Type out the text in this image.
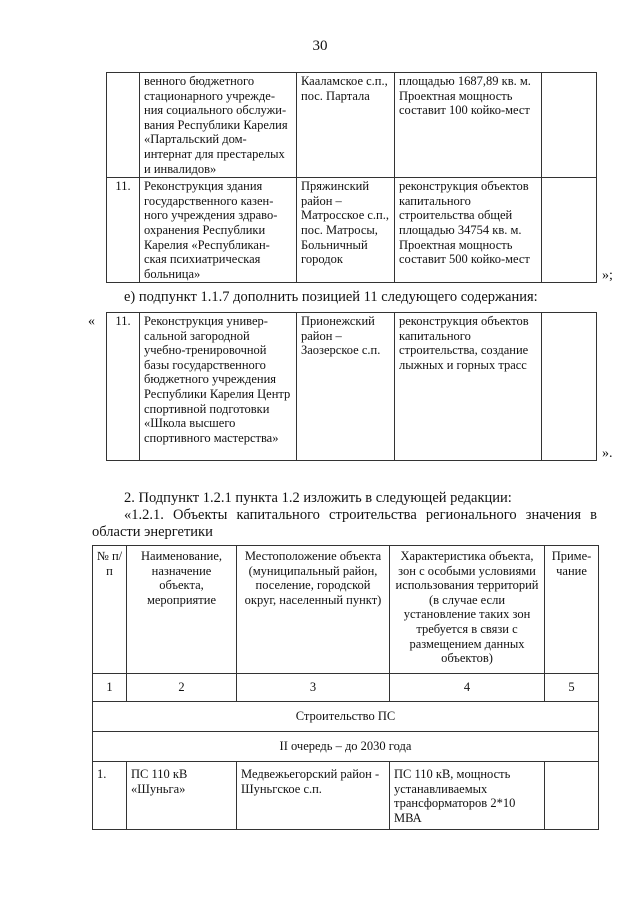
30
	венного бюджетного стационарного учрежде-ния социального обслужи-вания Республики Карелия «Партальский дом-интернат для престарелых и инвалидов»	Кааламское с.п., пос. Партала	площадью 1687,89 кв. м. Проектная мощность составит 100 койко-мест	
11.	Реконструкция здания государственного казен-ного учреждения здраво-охранения Республики Карелия «Республикан-ская психиатрическая больница»	Пряжинский район – Матросское с.п., пос. Матросы, Больничный городок	реконструкция объектов капитального строительства общей площадью 34754 кв. м. Проектная мощность составит 500 койко-мест	
»;
е) подпункт 1.1.7 дополнить позицией 11 следующего содержания:
« 11.	Реконструкция универ-сальной загородной учебно-тренировочной базы государственного бюджетного учреждения Республики Карелия Центр спортивной подготовки «Школа высшего спортивного мастерства»	Прионежский район – Заозерское с.п.	реконструкция объектов капитального строительства, создание лыжных и горных трасс	
».
2. Подпункт 1.2.1 пункта 1.2 изложить в следующей редакции:
«1.2.1. Объекты капитального строительства регионального значения в области энергетики
№ п/п	Наименование, назначение объекта, мероприятие	Местоположение объекта (муниципальный район, поселение, городской округ, населенный пункт)	Характеристика объекта, зон с особыми условиями использования территорий (в случае если установление таких зон требуется в связи с размещением данных объектов)	Приме-чание
1	2	3	4	5
Строительство ПС				
II очередь – до 2030 года				
1.	ПС 110 кВ «Шуньга»	Медвежьегорский район - Шуньгское с.п.	ПС 110 кВ, мощность устанавливаемых трансформаторов 2*10 МВА	
